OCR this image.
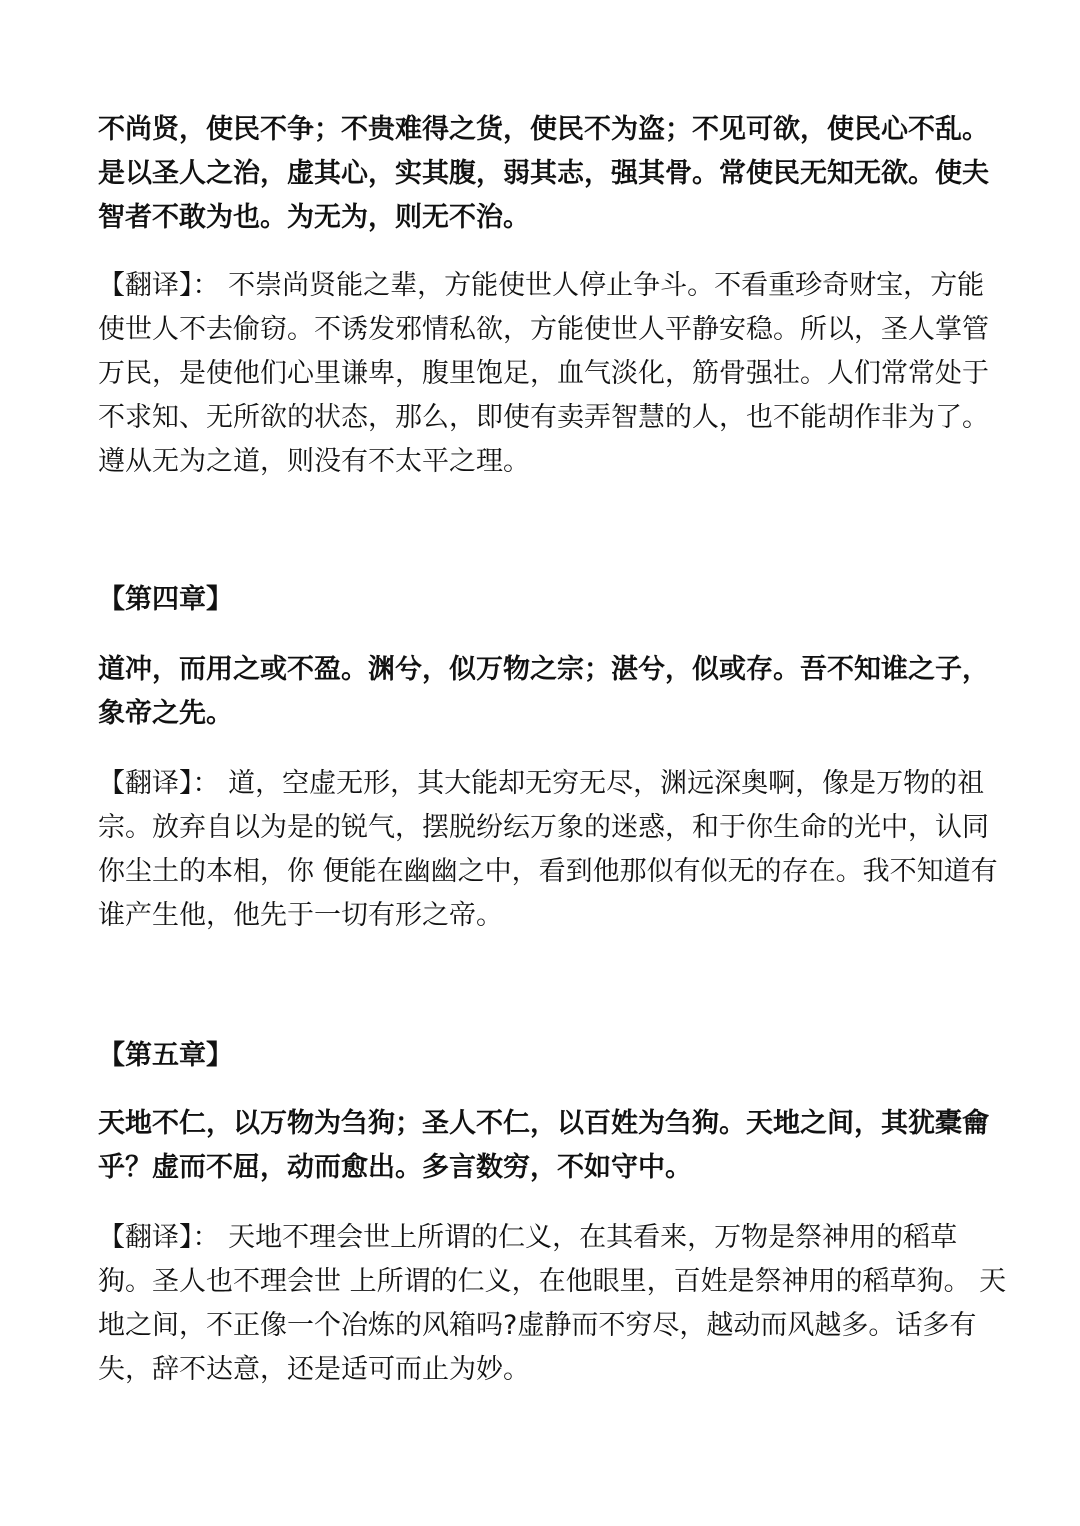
不尚贤，使民不争；不贵难得之货，使民不为盗；不见可欲，使民心不乱。是以圣人之治，虚其心，实其腹，弱其志，强其骨。常使民无知无欲。使夫智者不敢为也。为无为，则无不治。

【翻译】： 不崇尚贤能之辈，方能使世人停止争斗。不看重珍奇财宝，方能使世人不去偷窃。不诱发邪情私欲，方能使世人平静安稳。所以，圣人掌管万民，是使他们心里谦卑，腹里饱足，血气淡化，筋骨强壮。人们常常处于不求知、无所欲的状态，那么，即使有卖弄智慧的人，也不能胡作非为了。遵从无为之道，则没有不太平之理。

【第四章】

道冲，而用之或不盈。渊兮，似万物之宗；湛兮，似或存。吾不知谁之子，象帝之先。

【翻译】： 道，空虚无形，其大能却无穷无尽，渊远深奥啊，像是万物的祖宗。放弃自以为是的锐气，摆脱纷纭万象的迷惑，和于你生命的光中，认同你尘土的本相，你 便能在幽幽之中，看到他那似有似无的存在。我不知道有谁产生他，他先于一切有形之帝。

【第五章】

天地不仁，以万物为刍狗；圣人不仁，以百姓为刍狗。天地之间，其犹橐龠乎？虚而不屈，动而愈出。多言数穷，不如守中。

【翻译】： 天地不理会世上所谓的仁义，在其看来，万物是祭神用的稻草狗。圣人也不理会世 上所谓的仁义，在他眼里，百姓是祭神用的稻草狗。 天地之间，不正像一个冶炼的风箱吗?虚静而不穷尽，越动而风越多。话多有失，辞不达意，还是适可而止为妙。
